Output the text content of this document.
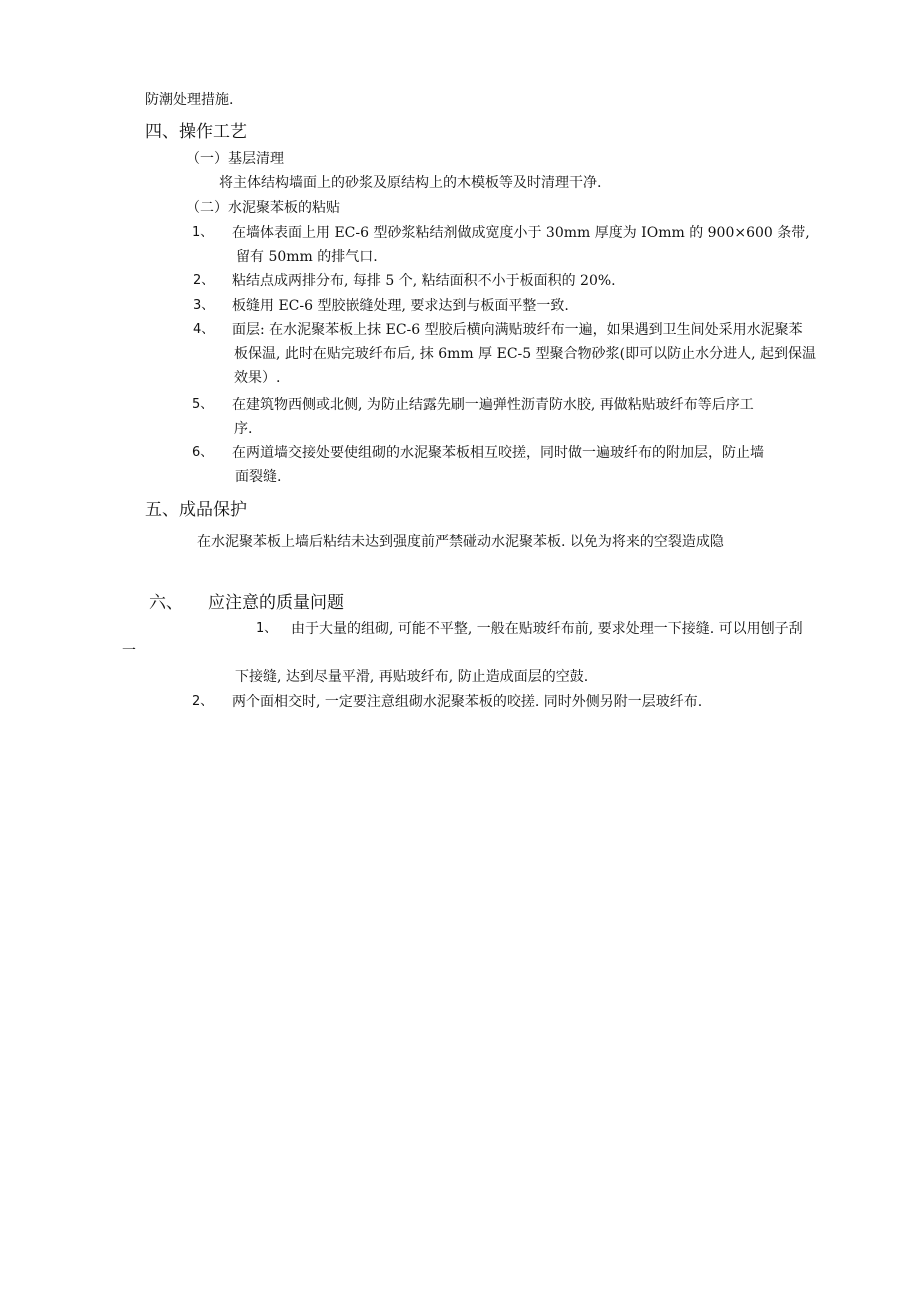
防潮处理措施.
四、操作工艺
（一）基层清理
将主体结构墙面上的砂浆及原结构上的木模板等及时清理干净.
（二）水泥聚苯板的粘贴
1、 在墙体表面上用 EC-6 型砂浆粘结剂做成宽度小于 30mm 厚度为 IOmm 的 900×600 条带,
留有 50mm 的排气口.
2、 粘结点成两排分布, 每排 5 个, 粘结面积不小于板面积的 20%.
3、 板缝用 EC-6 型胶嵌缝处理, 要求达到与板面平整一致.
4、 面层: 在水泥聚苯板上抹 EC-6 型胶后横向满贴玻纤布一遍，如果遇到卫生间处采用水泥聚苯
板保温, 此时在贴完玻纤布后, 抹 6mm 厚 EC-5 型聚合物砂浆(即可以防止水分进人, 起到保温
效果）.
5、 在建筑物西侧或北侧, 为防止结露先刷一遍弹性沥青防水胶, 再做粘贴玻纤布等后序工
序.
6、 在两道墙交接处要使组砌的水泥聚苯板相互咬搓，同时做一遍玻纤布的附加层，防止墙
面裂缝.
五、成品保护
在水泥聚苯板上墙后粘结未达到强度前严禁碰动水泥聚苯板. 以免为将来的空裂造成隐
六、 应注意的质量问题
1、 由于大量的组砌, 可能不平整, 一般在贴玻纤布前, 要求处理一下接缝. 可以用刨子刮
一
下接缝, 达到尽量平滑, 再贴玻纤布, 防止造成面层的空鼓.
2、 两个面相交时, 一定要注意组砌水泥聚苯板的咬搓. 同时外侧另附一层玻纤布.
